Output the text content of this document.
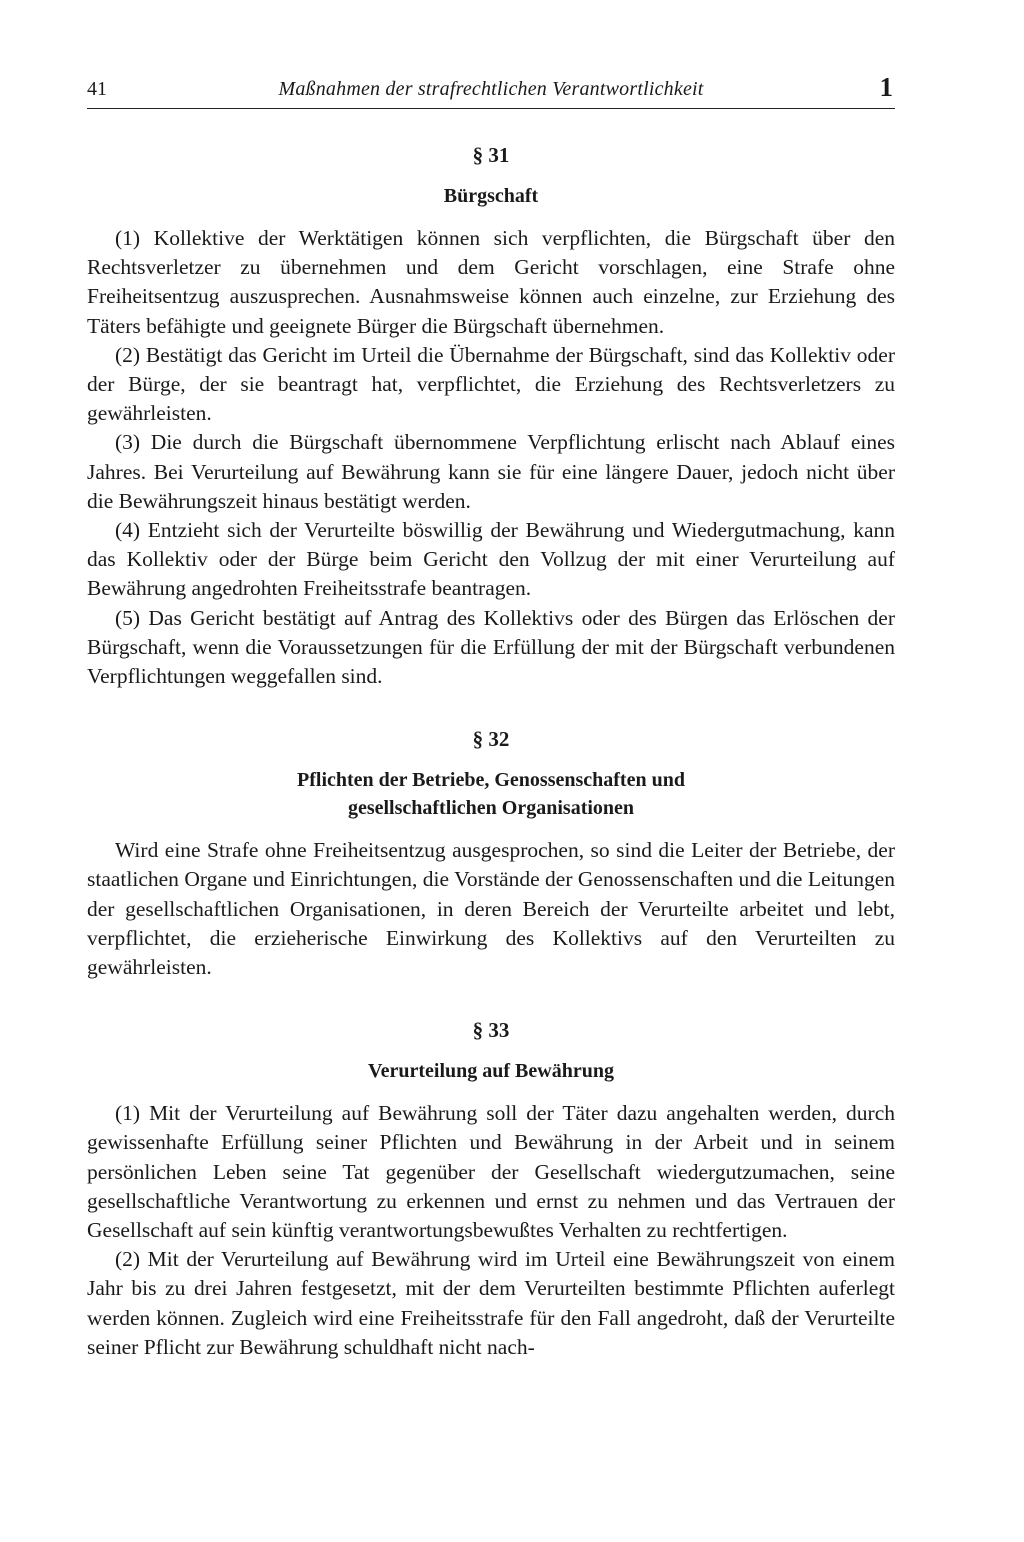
41	Maßnahmen der strafrechtlichen Verantwortlichkeit	1
§ 31
Bürgschaft

(1) Kollektive der Werktätigen können sich verpflichten, die Bürgschaft über den Rechtsverletzer zu übernehmen und dem Gericht vorschlagen, eine Strafe ohne Freiheitsentzug auszusprechen. Ausnahmsweise können auch einzelne, zur Erziehung des Täters befähigte und geeignete Bürger die Bürgschaft übernehmen.

(2) Bestätigt das Gericht im Urteil die Übernahme der Bürgschaft, sind das Kollektiv oder der Bürge, der sie beantragt hat, verpflichtet, die Erziehung des Rechtsverletzers zu gewährleisten.

(3) Die durch die Bürgschaft übernommene Verpflichtung erlischt nach Ablauf eines Jahres. Bei Verurteilung auf Bewährung kann sie für eine längere Dauer, jedoch nicht über die Bewährungszeit hinaus bestätigt werden.

(4) Entzieht sich der Verurteilte böswillig der Bewährung und Wiedergutmachung, kann das Kollektiv oder der Bürge beim Gericht den Vollzug der mit einer Verurteilung auf Bewährung angedrohten Freiheitsstrafe beantragen.

(5) Das Gericht bestätigt auf Antrag des Kollektivs oder des Bürgen das Erlöschen der Bürgschaft, wenn die Voraussetzungen für die Erfüllung der mit der Bürgschaft verbundenen Verpflichtungen weggefallen sind.

§ 32
Pflichten der Betriebe, Genossenschaften und
gesellschaftlichen Organisationen

Wird eine Strafe ohne Freiheitsentzug ausgesprochen, so sind die Leiter der Betriebe, der staatlichen Organe und Einrichtungen, die Vorstände der Genossenschaften und die Leitungen der gesellschaftlichen Organisationen, in deren Bereich der Verurteilte arbeitet und lebt, verpflichtet, die erzieherische Einwirkung des Kollektivs auf den Verurteilten zu gewährleisten.

§ 33
Verurteilung auf Bewährung

(1) Mit der Verurteilung auf Bewährung soll der Täter dazu angehalten werden, durch gewissenhafte Erfüllung seiner Pflichten und Bewährung in der Arbeit und in seinem persönlichen Leben seine Tat gegenüber der Gesellschaft wiedergutzumachen, seine gesellschaftliche Verantwortung zu erkennen und ernst zu nehmen und das Vertrauen der Gesellschaft auf sein künftig verantwortungsbewußtes Verhalten zu rechtfertigen.

(2) Mit der Verurteilung auf Bewährung wird im Urteil eine Bewährungszeit von einem Jahr bis zu drei Jahren festgesetzt, mit der dem Verurteilten bestimmte Pflichten auferlegt werden können. Zugleich wird eine Freiheitsstrafe für den Fall angedroht, daß der Verurteilte seiner Pflicht zur Bewährung schuldhaft nicht nach-
